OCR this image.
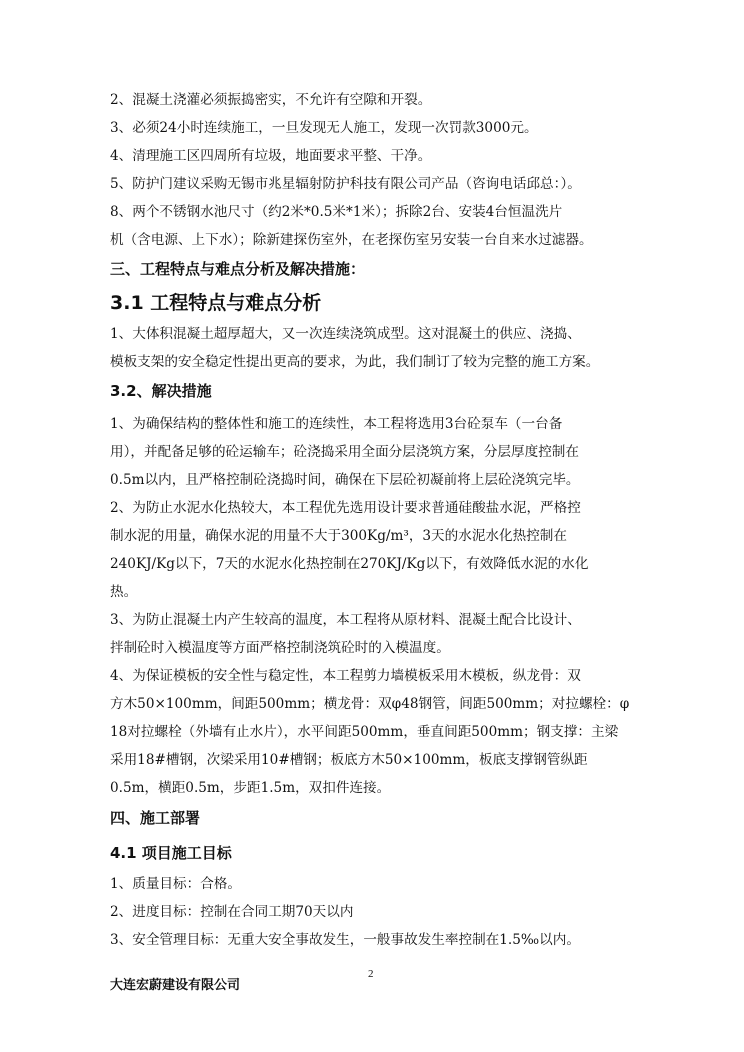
2、混凝土浇灌必须振捣密实，不允许有空隙和开裂。
3、必须24小时连续施工，一旦发现无人施工，发现一次罚款3000元。
4、清理施工区四周所有垃圾，地面要求平整、干净。
5、防护门建议采购无锡市兆星辐射防护科技有限公司产品（咨询电话邱总：）。
8、两个不锈钢水池尺寸（约2米*0.5米*1米）；拆除2台、安装4台恒温洗片
机（含电源、上下水）；除新建探伤室外，在老探伤室另安装一台自来水过滤器。
三、工程特点与难点分析及解决措施：
3.1 工程特点与难点分析
1、大体积混凝土超厚超大，又一次连续浇筑成型。这对混凝土的供应、浇捣、
模板支架的安全稳定性提出更高的要求，为此，我们制订了较为完整的施工方案。
3.2、解决措施
1、为确保结构的整体性和施工的连续性，本工程将选用3台砼泵车（一台备
用），并配备足够的砼运输车；砼浇捣采用全面分层浇筑方案，分层厚度控制在
0.5m以内，且严格控制砼浇捣时间，确保在下层砼初凝前将上层砼浇筑完毕。
2、为防止水泥水化热较大，本工程优先选用设计要求普通硅酸盐水泥，严格控
制水泥的用量，确保水泥的用量不大于300Kg/m³，3天的水泥水化热控制在
240KJ/Kg以下，7天的水泥水化热控制在270KJ/Kg以下，有效降低水泥的水化
热。
3、为防止混凝土内产生较高的温度，本工程将从原材料、混凝土配合比设计、
拌制砼时入模温度等方面严格控制浇筑砼时的入模温度。
4、为保证模板的安全性与稳定性，本工程剪力墙模板采用木模板，纵龙骨：双
方木50×100mm，间距500mm；横龙骨：双φ48钢管，间距500mm；对拉螺栓：φ
18对拉螺栓（外墙有止水片），水平间距500mm，垂直间距500mm；钢支撑：主梁
采用18#槽钢，次梁采用10#槽钢；板底方木50×100mm，板底支撑钢管纵距
0.5m，横距0.5m，步距1.5m，双扣件连接。
四、施工部署
4.1 项目施工目标
1、质量目标：合格。
2、进度目标：控制在合同工期70天以内
3、安全管理目标：无重大安全事故发生，一般事故发生率控制在1.5‰以内。
大连宏蔚建设有限公司
2
